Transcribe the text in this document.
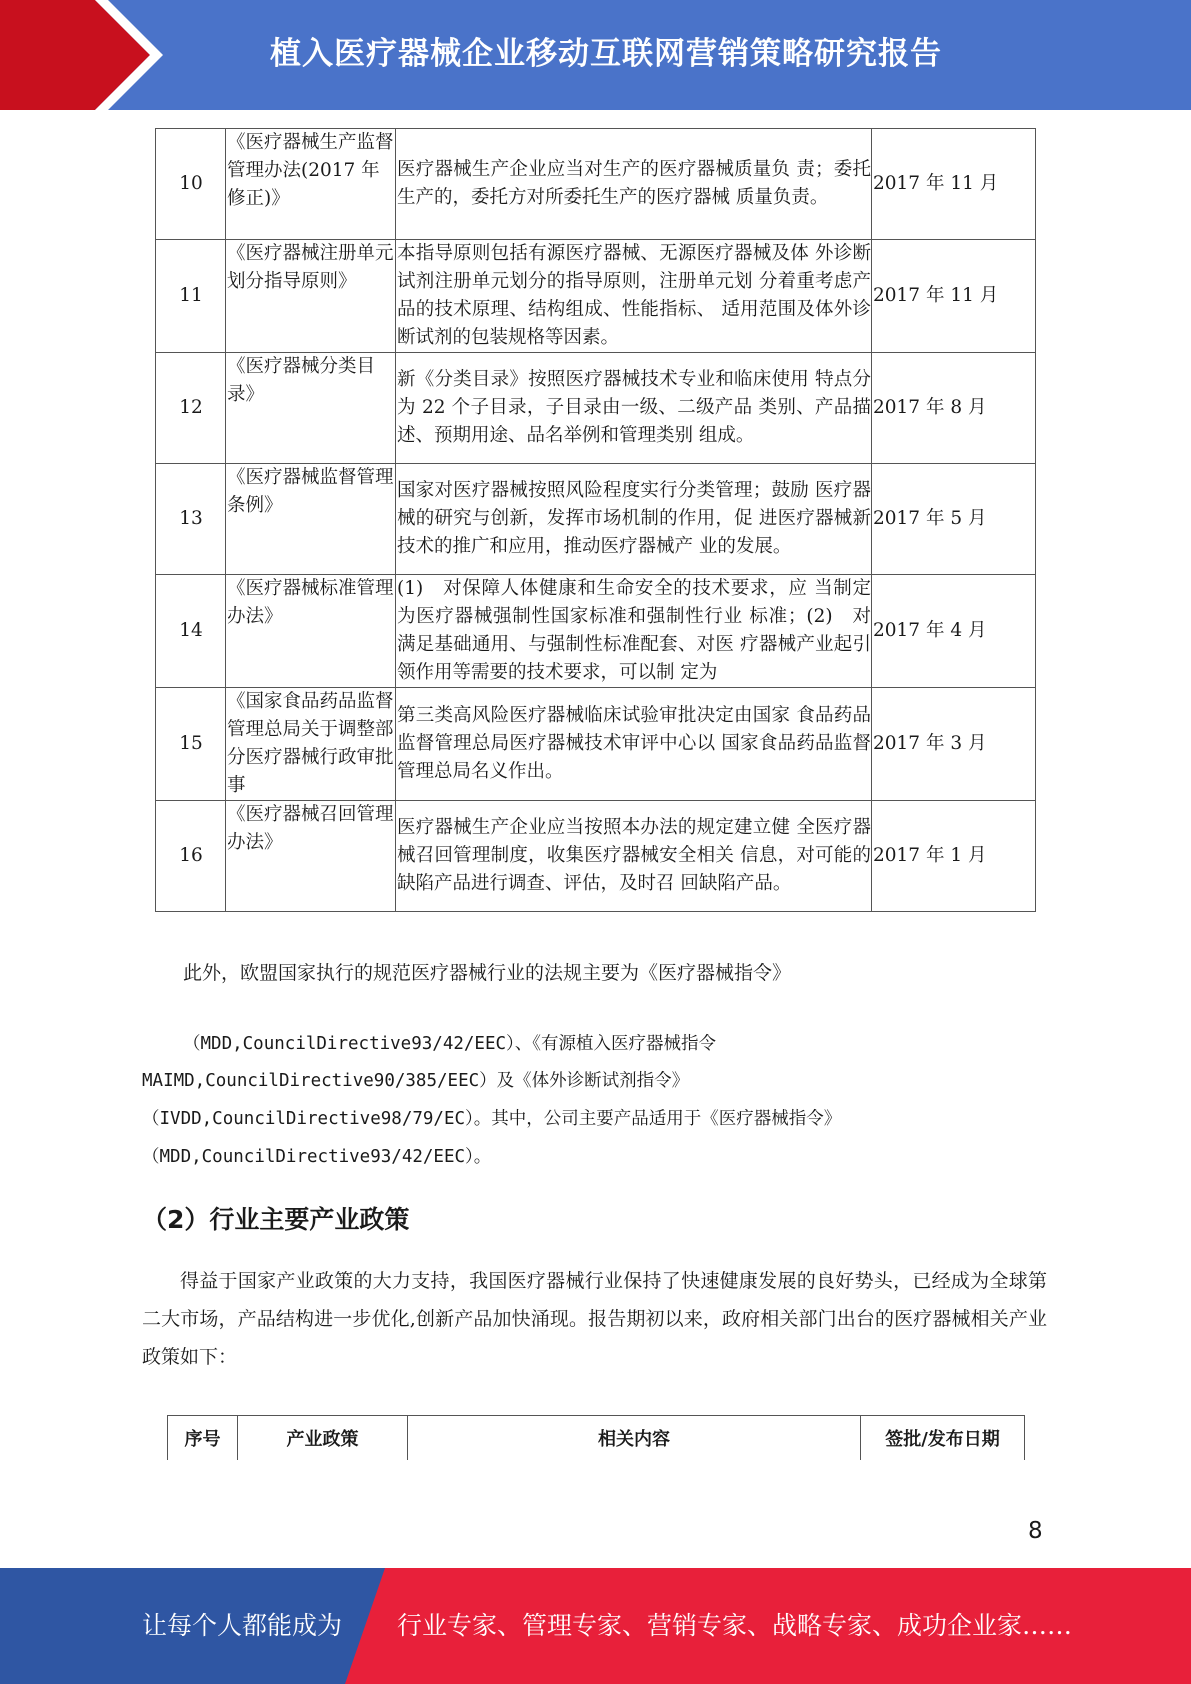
植入医疗器械企业移动互联网营销策略研究报告
10	《医疗器械生产监督管理办法(2017 年修正)》	医疗器械生产企业应当对生产的医疗器械质量负 责；委托生产的，委托方对所委托生产的医疗器械 质量负责。	2017 年 11 月
11	《医疗器械注册单元划分指导原则》	本指导原则包括有源医疗器械、无源医疗器械及体 外诊断试剂注册单元划分的指导原则，注册单元划 分着重考虑产品的技术原理、结构组成、性能指标、 适用范围及体外诊断试剂的包装规格等因素。	2017 年 11 月
12	《医疗器械分类目录》	新《分类目录》按照医疗器械技术专业和临床使用 特点分为 22 个子目录，子目录由一级、二级产品 类别、产品描述、预期用途、品名举例和管理类别 组成。	2017 年 8 月
13	《医疗器械监督管理条例》	国家对医疗器械按照风险程度实行分类管理；鼓励 医疗器械的研究与创新，发挥市场机制的作用，促 进医疗器械新技术的推广和应用，推动医疗器械产 业的发展。	2017 年 5 月
14	《医疗器械标准管理办法》	(1)　对保障人体健康和生命安全的技术要求，应 当制定为医疗器械强制性国家标准和强制性行业 标准；(2)　对满足基础通用、与强制性标准配套、对医 疗器械产业起引领作用等需要的技术要求，可以制 定为	2017 年 4 月
15	《国家食品药品监督管理总局关于调整部分医疗器械行政审批事	第三类高风险医疗器械临床试验审批决定由国家 食品药品监督管理总局医疗器械技术审评中心以 国家食品药品监督管理总局名义作出。	2017 年 3 月
16	《医疗器械召回管理办法》	医疗器械生产企业应当按照本办法的规定建立健 全医疗器械召回管理制度，收集医疗器械安全相关 信息，对可能的缺陷产品进行调查、评估，及时召 回缺陷产品。	2017 年 1 月
此外，欧盟国家执行的规范医疗器械行业的法规主要为《医疗器械指令》
（MDD,CouncilDirective93/42/EEC）、《有源植入医疗器械指令
MAIMD,CouncilDirective90/385/EEC）及《体外诊断试剂指令》
（IVDD,CouncilDirective98/79/EC）。其中，公司主要产品适用于《医疗器械指令》
（MDD,CouncilDirective93/42/EEC）。
（2）行业主要产业政策
得益于国家产业政策的大力支持，我国医疗器械行业保持了快速健康发展的良好势头，已经成为全球第二大市场，产品结构进一步优化,创新产品加快涌现。报告期初以来，政府相关部门出台的医疗器械相关产业政策如下：
序号	产业政策	相关内容	签批/发布日期
8
让每个人都能成为 行业专家、管理专家、营销专家、战略专家、成功企业家……
